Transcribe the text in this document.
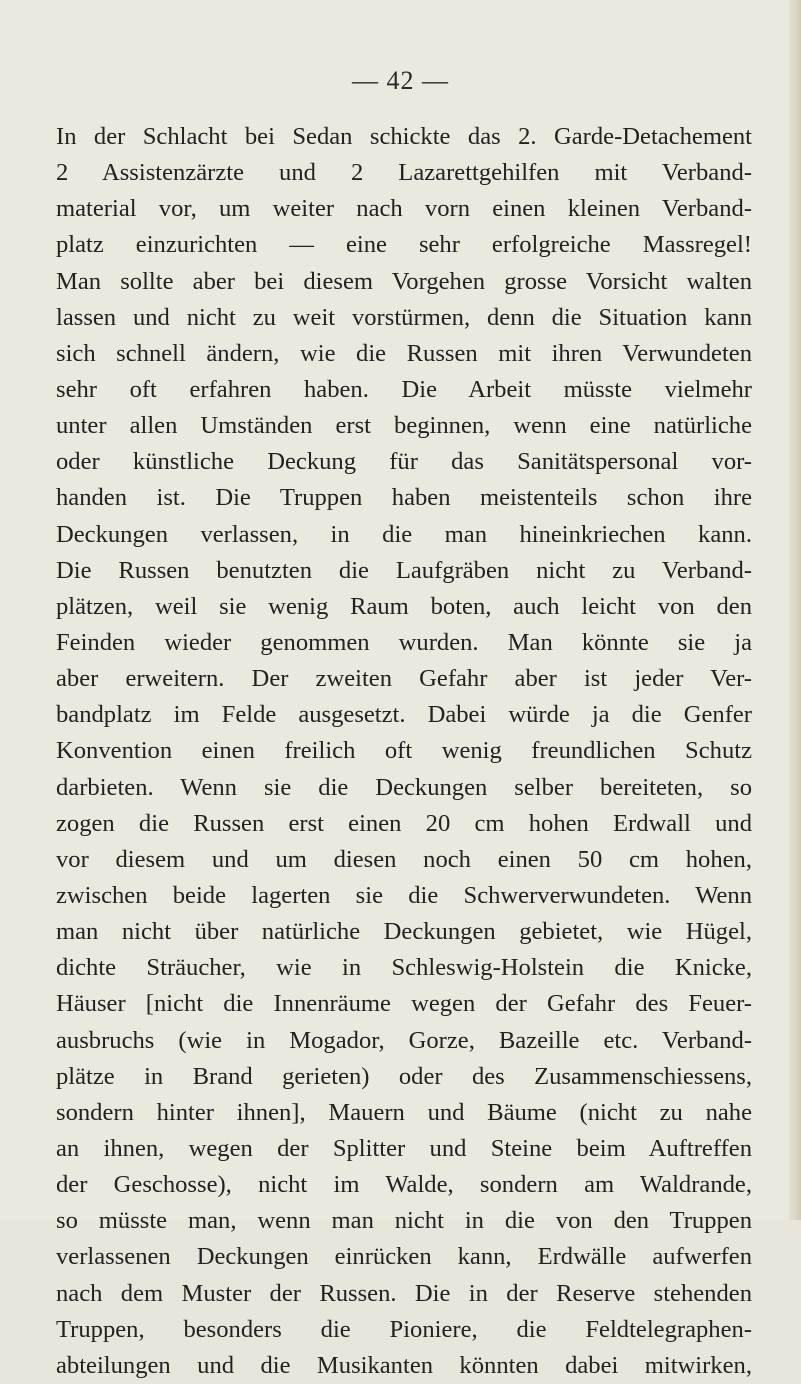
— 42 —
In der Schlacht bei Sedan schickte das 2. Garde-Detachement
2 Assistenzärzte und 2 Lazarettgehilfen mit Verband-
material vor, um weiter nach vorn einen kleinen Verband-
platz einzurichten — eine sehr erfolgreiche Massregel!
Man sollte aber bei diesem Vorgehen grosse Vorsicht walten
lassen und nicht zu weit vorstürmen, denn die Situation kann
sich schnell ändern, wie die Russen mit ihren Verwundeten
sehr oft erfahren haben. Die Arbeit müsste vielmehr
unter allen Umständen erst beginnen, wenn eine natürliche
oder künstliche Deckung für das Sanitätspersonal vor-
handen ist. Die Truppen haben meistenteils schon ihre
Deckungen verlassen, in die man hineinkriechen kann.
Die Russen benutzten die Laufgräben nicht zu Verband-
plätzen, weil sie wenig Raum boten, auch leicht von den
Feinden wieder genommen wurden. Man könnte sie ja
aber erweitern. Der zweiten Gefahr aber ist jeder Ver-
bandplatz im Felde ausgesetzt. Dabei würde ja die Genfer
Konvention einen freilich oft wenig freundlichen Schutz
darbieten. Wenn sie die Deckungen selber bereiteten, so
zogen die Russen erst einen 20 cm hohen Erdwall und
vor diesem und um diesen noch einen 50 cm hohen,
zwischen beide lagerten sie die Schwerverwundeten. Wenn
man nicht über natürliche Deckungen gebietet, wie Hügel,
dichte Sträucher, wie in Schleswig-Holstein die Knicke,
Häuser [nicht die Innenräume wegen der Gefahr des Feuer-
ausbruchs (wie in Mogador, Gorze, Bazeille etc. Verband-
plätze in Brand gerieten) oder des Zusammenschiessens,
sondern hinter ihnen], Mauern und Bäume (nicht zu nahe
an ihnen, wegen der Splitter und Steine beim Auftreffen
der Geschosse), nicht im Walde, sondern am Waldrande,
so müsste man, wenn man nicht in die von den Truppen
verlassenen Deckungen einrücken kann, Erdwälle aufwerfen
nach dem Muster der Russen. Die in der Reserve stehenden
Truppen, besonders die Pioniere, die Feldtelegraphen-
abteilungen und die Musikanten könnten dabei mitwirken,
